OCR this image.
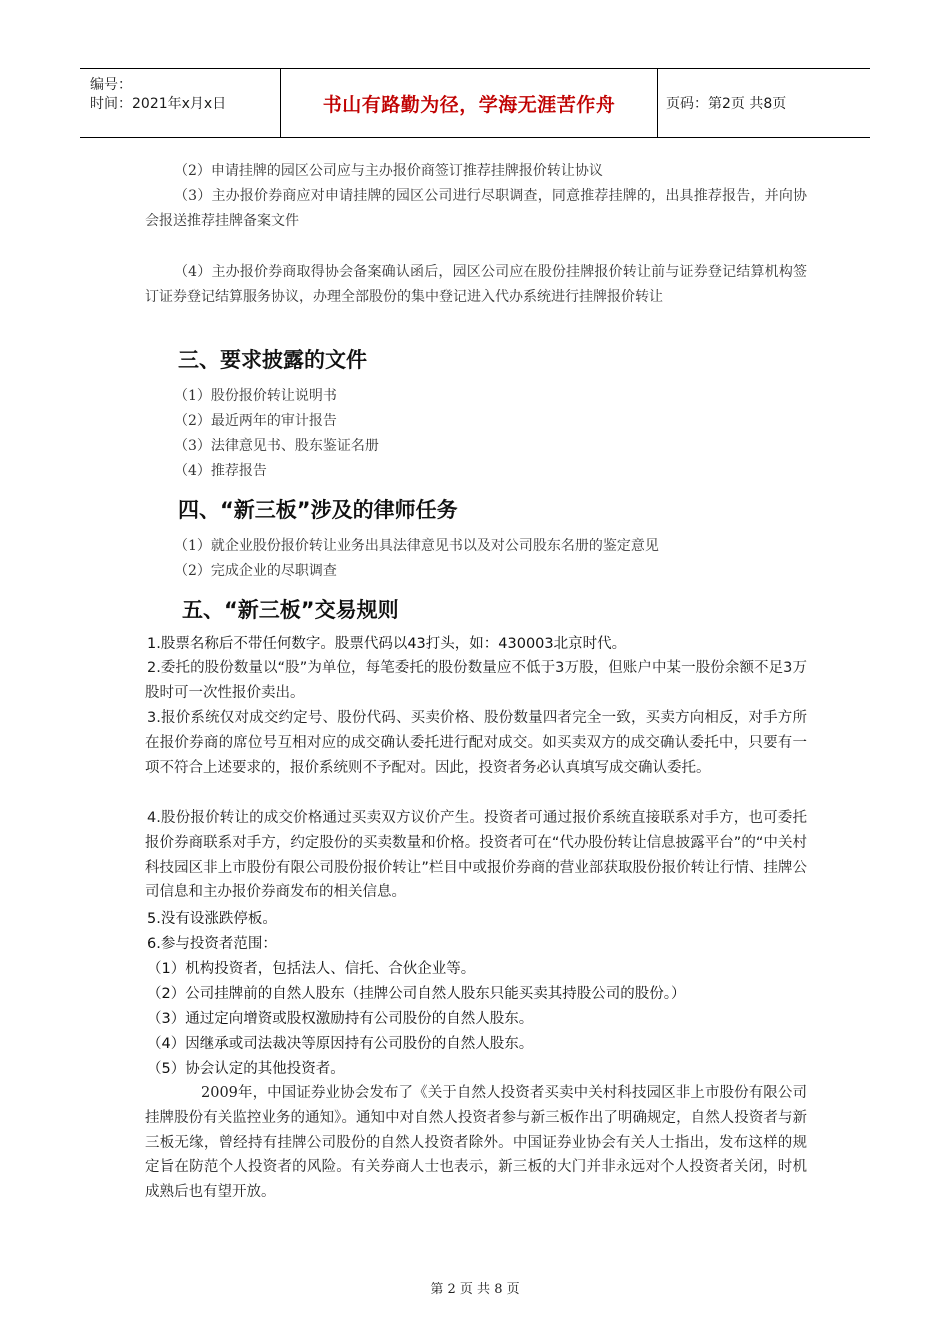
编号：
时间：2021年x月x日	书山有路勤为径，学海无涯苦作舟	页码：第2页 共8页
（2）申请挂牌的园区公司应与主办报价商签订推荐挂牌报价转让协议
（3）主办报价券商应对申请挂牌的园区公司进行尽职调查，同意推荐挂牌的，出具推荐报告，并向协会报送推荐挂牌备案文件
（4）主办报价券商取得协会备案确认函后，园区公司应在股份挂牌报价转让前与证券登记结算机构签订证券登记结算服务协议，办理全部股份的集中登记进入代办系统进行挂牌报价转让
三、要求披露的文件
（1）股份报价转让说明书
（2）最近两年的审计报告
（3）法律意见书、股东鉴证名册
（4）推荐报告
四、“新三板”涉及的律师任务
（1）就企业股份报价转让业务出具法律意见书以及对公司股东名册的鉴定意见
（2）完成企业的尽职调查
五、“新三板”交易规则
1.股票名称后不带任何数字。股票代码以43打头，如：430003北京时代。
2.委托的股份数量以“股”为单位，每笔委托的股份数量应不低于3万股，但账户中某一股份余额不足3万股时可一次性报价卖出。
3.报价系统仅对成交约定号、股份代码、买卖价格、股份数量四者完全一致，买卖方向相反，对手方所在报价券商的席位号互相对应的成交确认委托进行配对成交。如买卖双方的成交确认委托中，只要有一项不符合上述要求的，报价系统则不予配对。因此，投资者务必认真填写成交确认委托。
4.股份报价转让的成交价格通过买卖双方议价产生。投资者可通过报价系统直接联系对手方，也可委托报价券商联系对手方，约定股份的买卖数量和价格。投资者可在“代办股份转让信息披露平台”的“中关村科技园区非上市股份有限公司股份报价转让”栏目中或报价券商的营业部获取股份报价转让行情、挂牌公司信息和主办报价券商发布的相关信息。
5.没有设涨跌停板。
6.参与投资者范围：
（1）机构投资者，包括法人、信托、合伙企业等。
（2）公司挂牌前的自然人股东（挂牌公司自然人股东只能买卖其持股公司的股份。）
（3）通过定向增资或股权激励持有公司股份的自然人股东。
（4）因继承或司法裁决等原因持有公司股份的自然人股东。
（5）协会认定的其他投资者。
2009年，中国证券业协会发布了《关于自然人投资者买卖中关村科技园区非上市股份有限公司挂牌股份有关监控业务的通知》。通知中对自然人投资者参与新三板作出了明确规定，自然人投资者与新三板无缘，曾经持有挂牌公司股份的自然人投资者除外。中国证券业协会有关人士指出，发布这样的规定旨在防范个人投资者的风险。有关券商人士也表示，新三板的大门并非永远对个人投资者关闭，时机成熟后也有望开放。
第 2 页 共 8 页
